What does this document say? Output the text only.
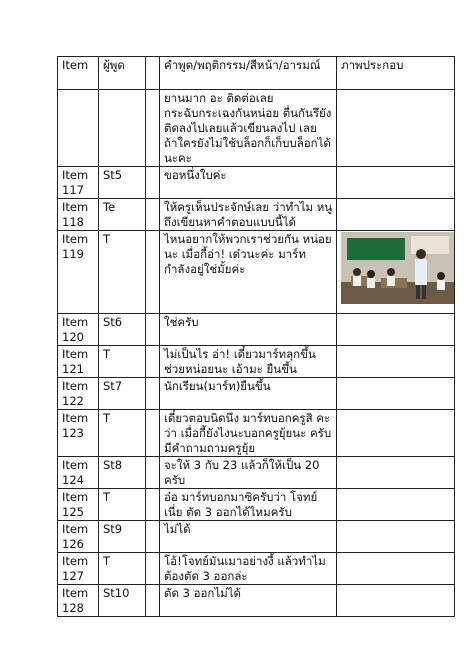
Item	ผู้พูด		คำพูด/พฤติกรรม/สีหน้า/อารมณ์	ภาพประกอบ
			ยานมาก อะ ติดต่อเลย กระฉับกระเฉงกันหน่อย ตื่นกันรึยัง ติดลงไปเลยแล้วเขียนลงไป เลย ถ้าใครยังไม่ใช้บล็อกก็เก็บบล็อกได้นะคะ	
Item 117	St5		ขอหนึ่งใบค่ะ	
Item 118	Te		ให้ครูเห็นประจักษ์เลย ว่าทำไม หนูถึงเขียนหาคำตอบแบบนี้ได้	
Item 119	T		ไหนอยากให้พวกเราช่วยกัน หน่อยนะ เมื่อกี้อ่า! เด๋วนะค่ะ มาร์ท กำลังอยู่ใช่มั้ยค่ะ	

Item 120	St6		ใช่ครับ	
Item 121	T		ไม่เป็นไร อ่า! เดี๋ยวมาร์ทลุกขึ้น ช่วยหน่อยนะ เอ้ามะ ยืนขึ้น	
Item 122	St7		นักเรียน(มาร์ท)ยืนขึ้น	
Item 123	T		เดี๋ยวตอบนิดนึง มาร์ทบอกครูสิ คะว่า เมื่อกี้ยังไงนะบอกครูยุ้ยนะ ครับ มีคำถามถามครูยุ้ย	
Item 124	St8		จะให้ 3 กับ 23 แล้วก็ให้เป็น 20 ครับ	
Item 125	T		อ๋อ มาร์ทบอกมาซิครับว่า โจทย์ เนี่ย ตัด 3 ออกได้ไหมครับ	
Item 126	St9		ไม่ได้	
Item 127	T		โอ้!โจทย์มันเมาอย่างงี้ แล้วทำไม ต้องตัด 3 ออกล่ะ	
Item 128	St10		ตัด 3 ออกไม่ได้	
